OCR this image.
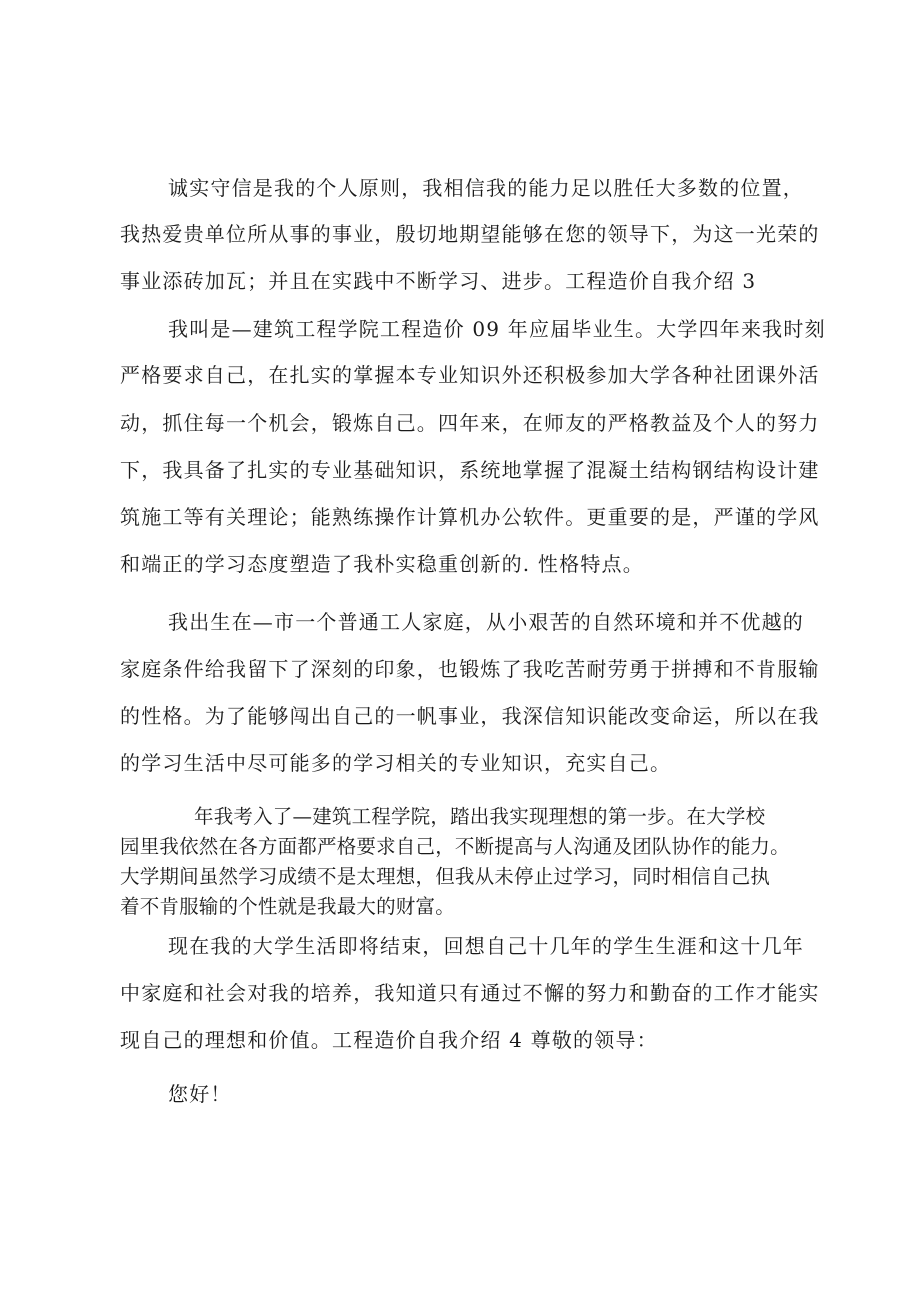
诚实守信是我的个人原则，我相信我的能力足以胜任大多数的位置，
我热爱贵单位所从事的事业，殷切地期望能够在您的领导下，为这一光荣的
事业添砖加瓦；并且在实践中不断学习、进步。工程造价自我介绍 3
我叫是—建筑工程学院工程造价 09 年应届毕业生。大学四年来我时刻
严格要求自己，在扎实的掌握本专业知识外还积极参加大学各种社团课外活
动，抓住每一个机会，锻炼自己。四年来，在师友的严格教益及个人的努力
下，我具备了扎实的专业基础知识，系统地掌握了混凝土结构钢结构设计建
筑施工等有关理论；能熟练操作计算机办公软件。更重要的是，严谨的学风
和端正的学习态度塑造了我朴实稳重创新的. 性格特点。
我出生在—市一个普通工人家庭，从小艰苦的自然环境和并不优越的
家庭条件给我留下了深刻的印象，也锻炼了我吃苦耐劳勇于拼搏和不肯服输
的性格。为了能够闯出自己的一帆事业，我深信知识能改变命运，所以在我
的学习生活中尽可能多的学习相关的专业知识，充实自己。
年我考入了—建筑工程学院，踏出我实现理想的第一步。在大学校
园里我依然在各方面都严格要求自己，不断提高与人沟通及团队协作的能力。
大学期间虽然学习成绩不是太理想，但我从未停止过学习，同时相信自己执
着不肯服输的个性就是我最大的财富。
现在我的大学生活即将结束，回想自己十几年的学生生涯和这十几年
中家庭和社会对我的培养，我知道只有通过不懈的努力和勤奋的工作才能实
现自己的理想和价值。工程造价自我介绍 4 尊敬的领导：
您好！
